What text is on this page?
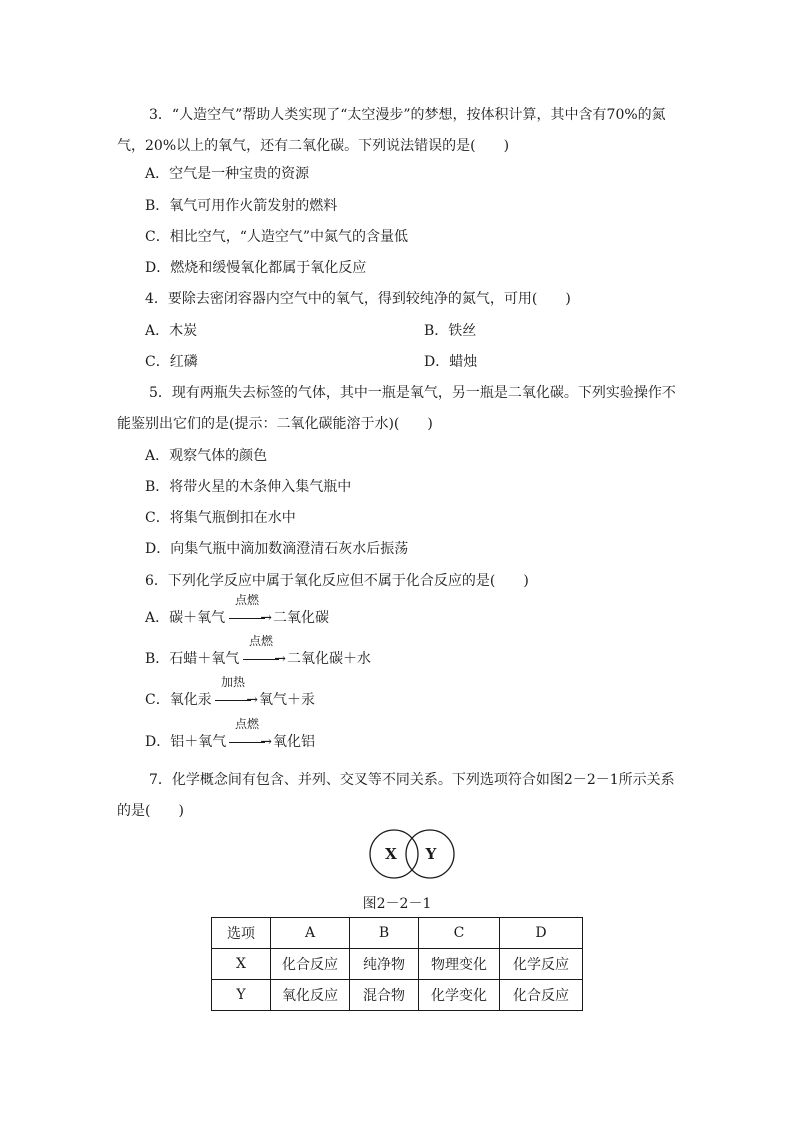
3．“人造空气”帮助人类实现了“太空漫步”的梦想，按体积计算，其中含有70%的氮气，20%以上的氧气，还有二氧化碳。下列说法错误的是(　　)
A．空气是一种宝贵的资源
B．氧气可用作火箭发射的燃料
C．相比空气，“人造空气”中氮气的含量低
D．燃烧和缓慢氧化都属于氧化反应
4．要除去密闭容器内空气中的氧气，得到较纯净的氮气，可用(　　)
A．木炭	B．铁丝
C．红磷	D．蜡烛
5．现有两瓶失去标签的气体，其中一瓶是氧气，另一瓶是二氧化碳。下列实验操作不能鉴别出它们的是(提示：二氧化碳能溶于水)(　　)
A．观察气体的颜色
B．将带火星的木条伸入集气瓶中
C．将集气瓶倒扣在水中
D．向集气瓶中滴加数滴澄清石灰水后振荡
6．下列化学反应中属于氧化反应但不属于化合反应的是(　　)
A．碳＋氧气
点燃
→ 二氧化碳
B．石蜡＋氧气
点燃
→ 二氧化碳＋水
C．氧化汞
加热
→ 氧气＋汞
D．铝＋氧气
点燃
→ 氧化铝
7．化学概念间有包含、并列、交叉等不同关系。下列选项符合如图2－2－1所示关系的是(　　)
X Y
图2－2－1
选项	A	B	C	D
X	化合反应	纯净物	物理变化	化学反应
Y	氧化反应	混合物	化学变化	化合反应
